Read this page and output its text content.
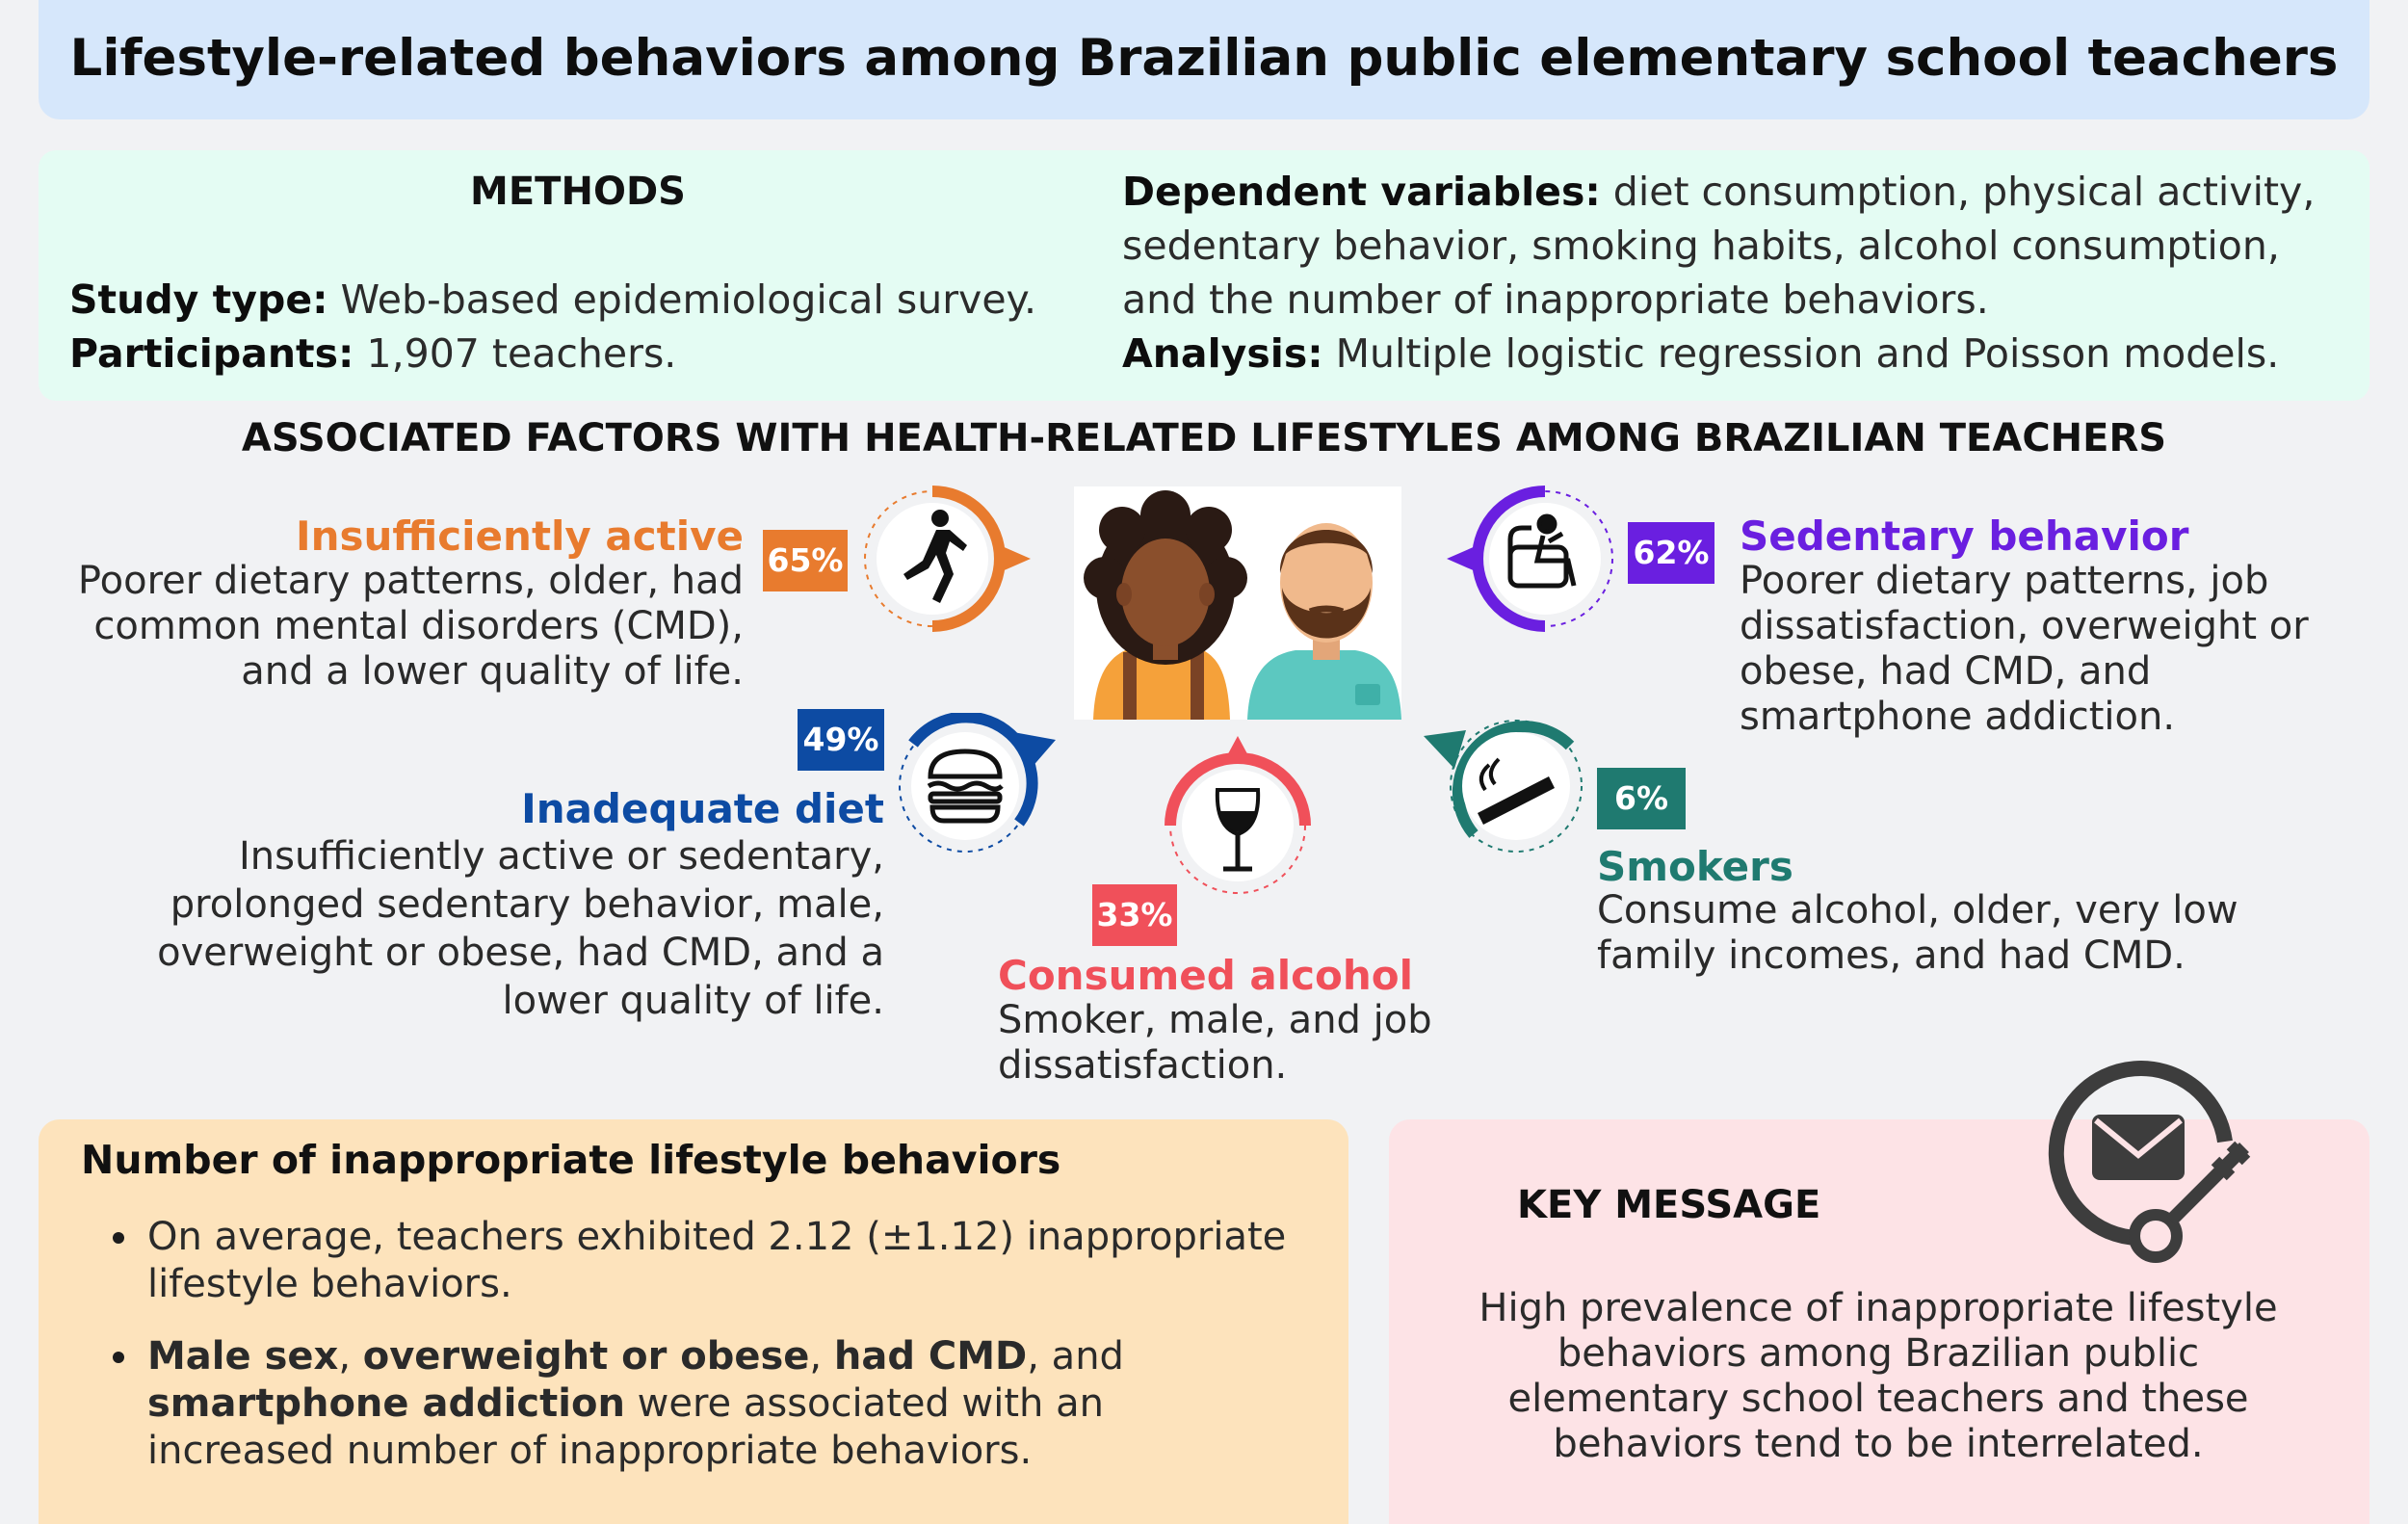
Lifestyle-related behaviors among Brazilian public elementary school teachers
METHODS
Study type: Web-based epidemiological survey.
Participants: 1,907 teachers.
Dependent variables: diet consumption, physical activity, sedentary behavior, smoking habits, alcohol consumption, and the number of inappropriate behaviors.
Analysis: Multiple logistic regression and Poisson models.
ASSOCIATED FACTORS WITH HEALTH-RELATED LIFESTYLES AMONG BRAZILIAN TEACHERS
Insufficiently active
Poorer dietary patterns, older, had common mental disorders (CMD), and a lower quality of life.
65%	62% Sedentary behavior
Poorer dietary patterns, job dissatisfaction, overweight or obese, had CMD, and smartphone addiction.
49%
Inadequate diet
Insufficiently active or sedentary, prolonged sedentary behavior, male, overweight or obese, had CMD, and a lower quality of life.
33%
Consumed alcohol
Smoker, male, and job dissatisfaction.
6%
Smokers
Consume alcohol, older, very low family incomes, and had CMD.
Number of inappropriate lifestyle behaviors
On average, teachers exhibited 2.12 (±1.12) inappropriate lifestyle behaviors.
Male sex, overweight or obese, had CMD, and smartphone addiction were associated with an increased number of inappropriate behaviors.
KEY MESSAGE
High prevalence of inappropriate lifestyle behaviors among Brazilian public elementary school teachers and these behaviors tend to be interrelated.
